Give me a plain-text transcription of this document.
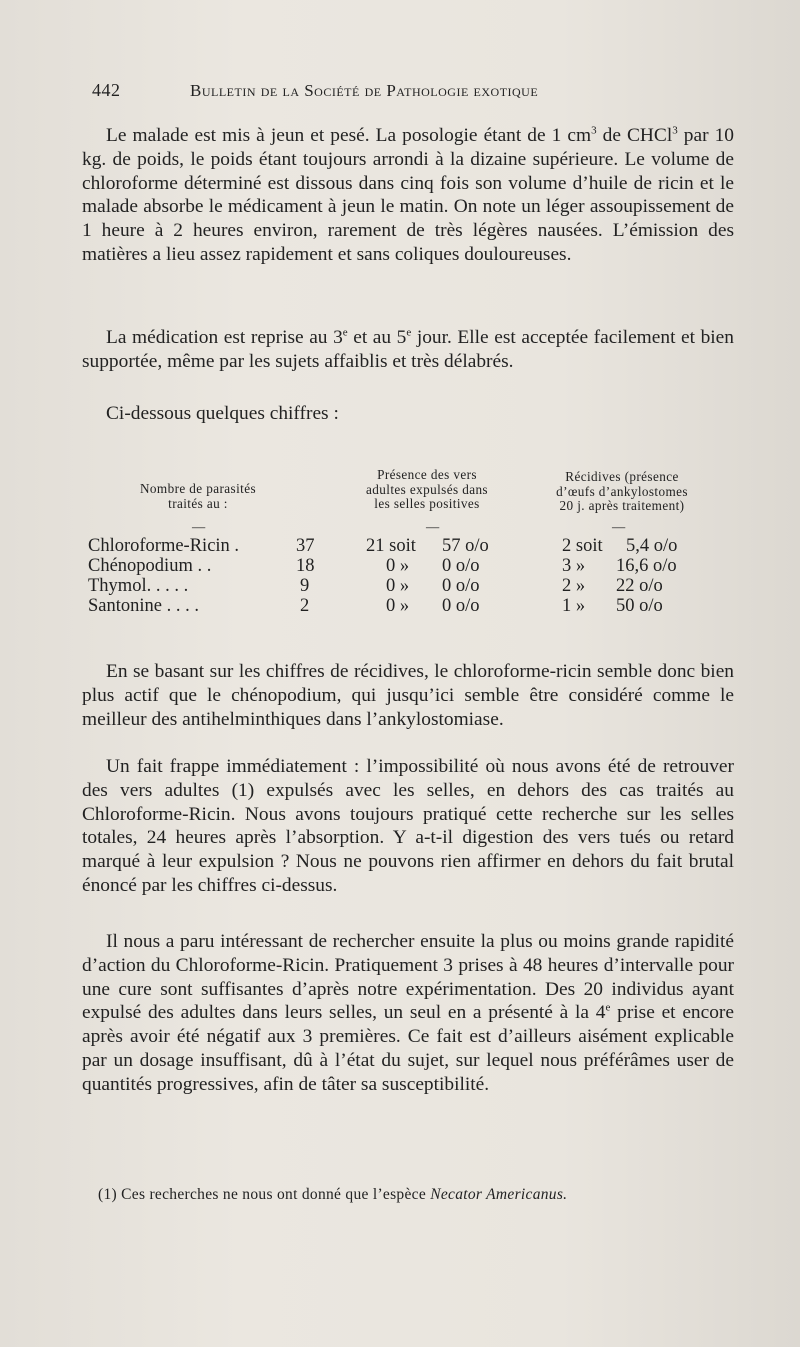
442	Bulletin de la Société de Pathologie exotique

Le malade est mis à jeun et pesé. La posologie étant de 1 $cm^3$ de CHCl$^3$ par 10 kg. de poids, le poids étant toujours arrondi à la dizaine supérieure. Le volume de chloroforme déterminé est dissous dans cinq fois son volume d’huile de ricin et le malade absorbe le médicament à jeun le matin. On note un léger assoupissement de 1 heure à 2 heures environ, rarement de très légères nausées. L’émission des matières a lieu assez rapidement et sans coliques douloureuses.

La médication est reprise au 3e et au 5e jour. Elle est acceptée facilement et bien supportée, même par les sujets affaiblis et très délabrés.

Ci-dessous quelques chiffres :

Nombre de parasités
traités au :
Présence des vers
adultes expulsés dans
les selles positives
Récidives (présence
d’œufs d’ankylostomes
20 j. après traitement)
—	—	—
Chloroforme-Ricin .	37	21 soit 57 o/o	2 soit 5,4 o/o
Chénopodium . .	18	0 » 0 o/o	3 » 16,6 o/o
Thymol. . . . .	9	0 » 0 o/o	2 » 22 o/o
Santonine . . . .	2	0 » 0 o/o	1 » 50 o/o

En se basant sur les chiffres de récidives, le chloroforme-ricin semble donc bien plus actif que le chénopodium, qui jusqu’ici semble être considéré comme le meilleur des antihelminthiques dans l’ankylostomiase.

Un fait frappe immédiatement : l’impossibilité où nous avons été de retrouver des vers adultes (1) expulsés avec les selles, en dehors des cas traités au Chloroforme-Ricin. Nous avons toujours pratiqué cette recherche sur les selles totales, 24 heures après l’absorption. Y a-t-il digestion des vers tués ou retard marqué à leur expulsion ? Nous ne pouvons rien affirmer en dehors du fait brutal énoncé par les chiffres ci-dessus.

Il nous a paru intéressant de rechercher ensuite la plus ou moins grande rapidité d’action du Chloroforme-Ricin. Pratiquement 3 prises à 48 heures d’intervalle pour une cure sont suffisantes d’après notre expérimentation. Des 20 individus ayant expulsé des adultes dans leurs selles, un seul en a présenté à la 4e prise et encore après avoir été négatif aux 3 premières. Ce fait est d’ailleurs aisément explicable par un dosage insuffisant, dû à l’état du sujet, sur lequel nous préférâmes user de quantités progressives, afin de tâter sa susceptibilité.

(1) Ces recherches ne nous ont donné que l’espèce Necator Americanus.
